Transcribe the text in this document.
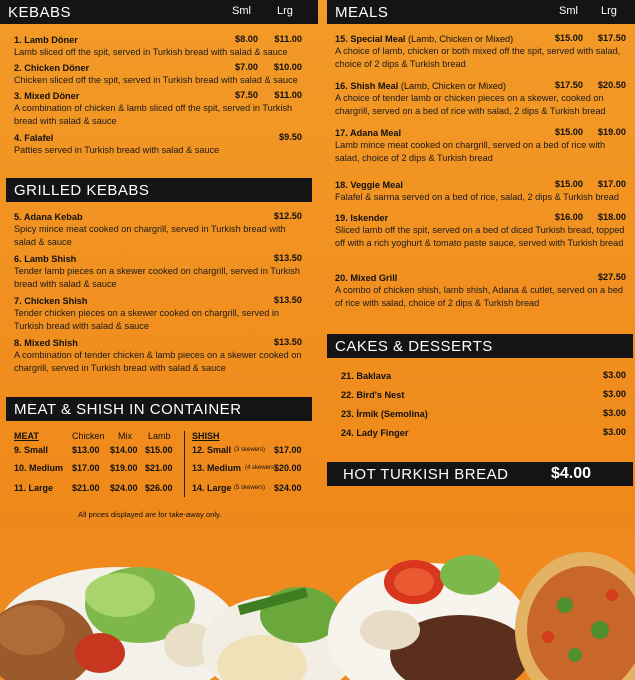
KEBABS	Sml Lrg
1. Lamb Döner
Lamb sliced off the spit, served in Turkish bread with salad & sauce
$8.00	$11.00
2. Chicken Döner
Chicken sliced off the spit, served in Turkish bread with salad & sauce
$7.00	$10.00
3. Mixed Döner
A combination of chicken & lamb sliced off the spit, served in Turkish bread with salad & sauce
$7.50	$11.00
4. Falafel
Patties served in Turkish bread with salad & sauce
$9.50
GRILLED KEBABS
5. Adana Kebab
Spicy mince meat cooked on chargrill, served in Turkish bread with salad & sauce
$12.50
6. Lamb Shish
Tender lamb pieces on a skewer cooked on chargrill, served in Turkish bread with salad & sauce
$13.50
7. Chicken Shish
Tender chicken pieces on a skewer cooked on chargrill, served in Turkish bread with salad & sauce
$13.50
8. Mixed Shish
A combination of tender chicken & lamb pieces on a skewer cooked on chargrill, served in Turkish bread with salad & sauce
$13.50
MEAT & SHISH IN CONTAINER
MEAT	Chicken Mix Lamb
9. Small	$13.00 $14.00 $15.00
10. Medium $17.00 $19.00 $21.00
11. Large $21.00 $24.00 $26.00
SHISH
12. Small (3 skewers) $17.00
13. Medium (4 skewers)
$20.00
14. Large (5 skewers) $24.00
All prices displayed are for take-away only.
MEALS	Sml Lrg
15. Special Meal (Lamb, Chicken or Mixed)
A choice of lamb, chicken or both mixed off the spit, served with salad, choice of 2 dips & Turkish bread
$15.00	$17.50
16. Shish Meal (Lamb, Chicken or Mixed)
A choice of tender lamb or chicken pieces on a skewer, cooked on chargrill, served on a bed of rice with salad, 2 dips & Turkish bread
$17.50	$20.50
17. Adana Meal
Lamb mince meat cooked on chargrill, served on a bed of rice with salad, choice of 2 dips & Turkish bread
$15.00	$19.00
18. Veggie Meal
Falafel & sarma served on a bed of rice, salad, 2 dips & Turkish bread
$15.00	$17.00
19. Iskender
Sliced lamb off the spit, served on a bed of diced Turkish bread, topped off with a rich yoghurt & tomato paste sauce, served with Turkish bread
$16.00	$18.00
20. Mixed Grill
A combo of chicken shish, lamb shish, Adana & cutlet, served on a bed of rice with salad, choice of 2 dips & Turkish bread
$27.50
CAKES & DESSERTS
21. Baklava	$3.00
22. Bird's Nest	$3.00
23. İrmik (Semolina)	$3.00
24. Lady Finger	$3.00
HOT TURKISH BREAD	$4.00
